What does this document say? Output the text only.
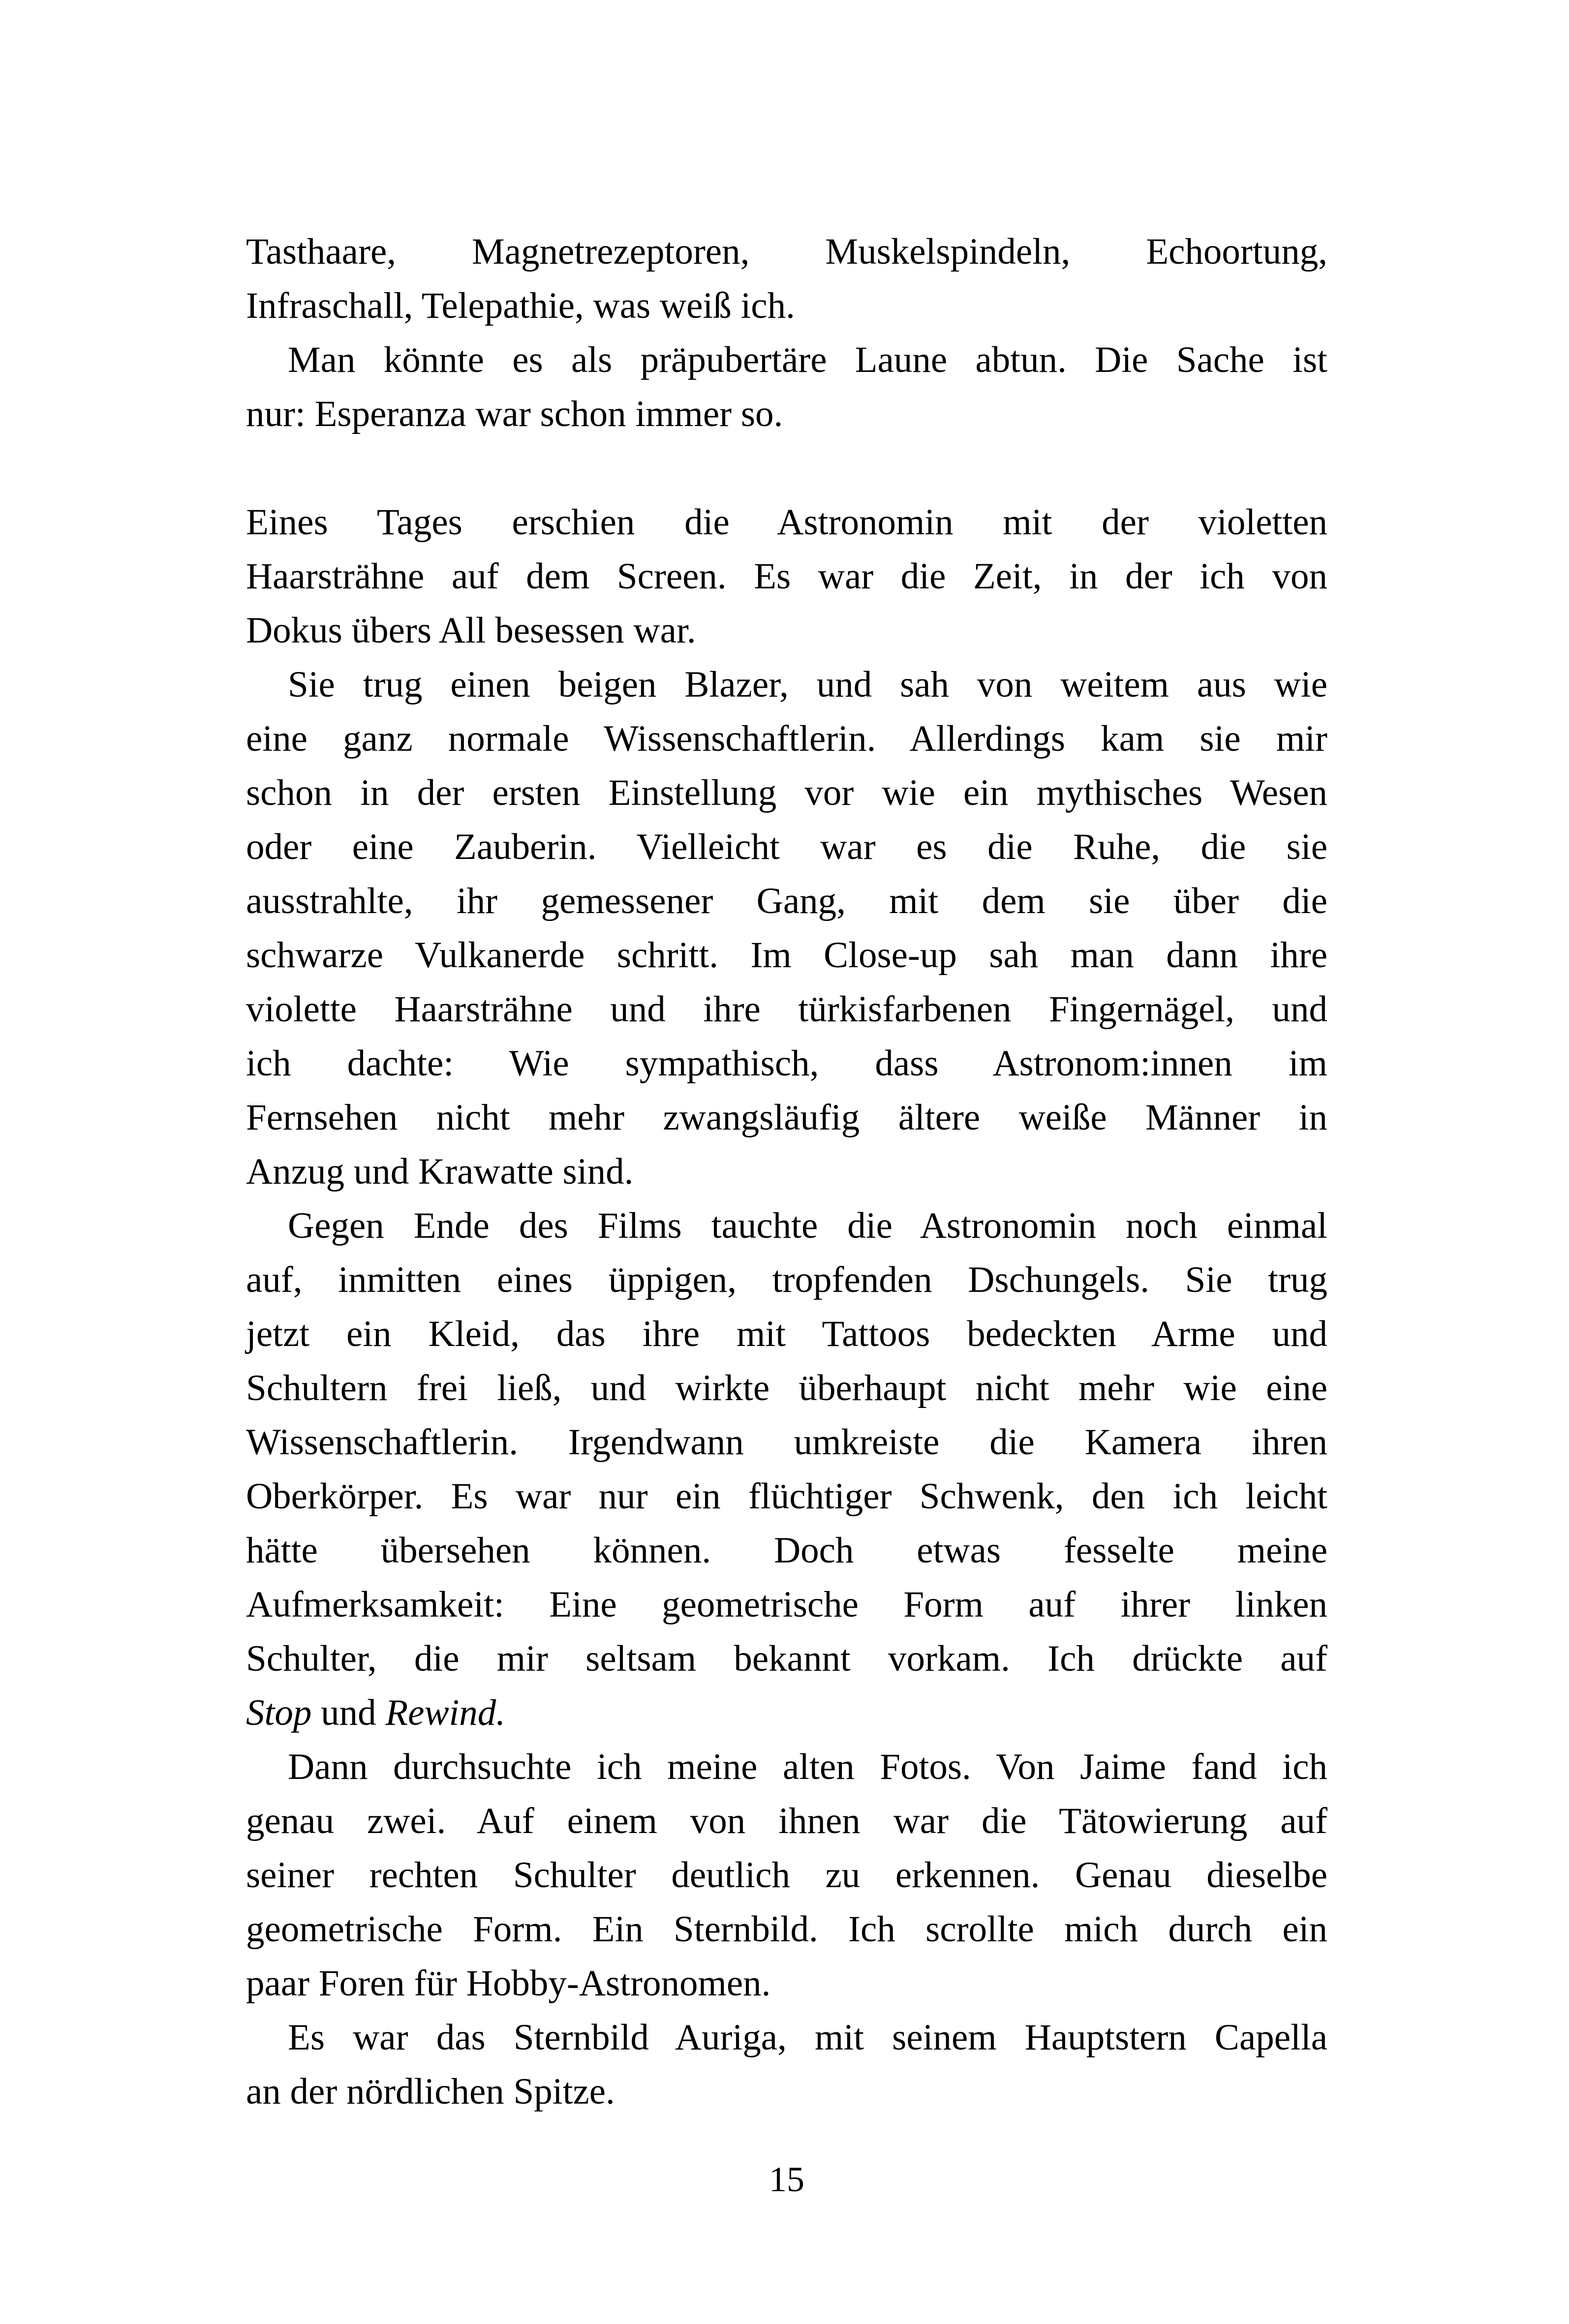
Tasthaare, Magnetrezeptoren, Muskelspindeln, Echoortung,
Infraschall, Telepathie, was weiß ich.
Man könnte es als präpubertäre Laune abtun. Die Sache ist
nur: Esperanza war schon immer so.
Eines Tages erschien die Astronomin mit der violetten
Haarsträhne auf dem Screen. Es war die Zeit, in der ich von
Dokus übers All besessen war.
Sie trug einen beigen Blazer, und sah von weitem aus wie
eine ganz normale Wissenschaftlerin. Allerdings kam sie mir
schon in der ersten Einstellung vor wie ein mythisches Wesen
oder eine Zauberin. Vielleicht war es die Ruhe, die sie
ausstrahlte, ihr gemessener Gang, mit dem sie über die
schwarze Vulkanerde schritt. Im Close-up sah man dann ihre
violette Haarsträhne und ihre türkisfarbenen Fingernägel, und
ich dachte: Wie sympathisch, dass Astronom:innen im
Fernsehen nicht mehr zwangsläufig ältere weiße Männer in
Anzug und Krawatte sind.
Gegen Ende des Films tauchte die Astronomin noch einmal
auf, inmitten eines üppigen, tropfenden Dschungels. Sie trug
jetzt ein Kleid, das ihre mit Tattoos bedeckten Arme und
Schultern frei ließ, und wirkte überhaupt nicht mehr wie eine
Wissenschaftlerin. Irgendwann umkreiste die Kamera ihren
Oberkörper. Es war nur ein flüchtiger Schwenk, den ich leicht
hätte übersehen können. Doch etwas fesselte meine
Aufmerksamkeit: Eine geometrische Form auf ihrer linken
Schulter, die mir seltsam bekannt vorkam. Ich drückte auf
Stop und Rewind.
Dann durchsuchte ich meine alten Fotos. Von Jaime fand ich
genau zwei. Auf einem von ihnen war die Tätowierung auf
seiner rechten Schulter deutlich zu erkennen. Genau dieselbe
geometrische Form. Ein Sternbild. Ich scrollte mich durch ein
paar Foren für Hobby-Astronomen.
Es war das Sternbild Auriga, mit seinem Hauptstern Capella
an der nördlichen Spitze.
15
